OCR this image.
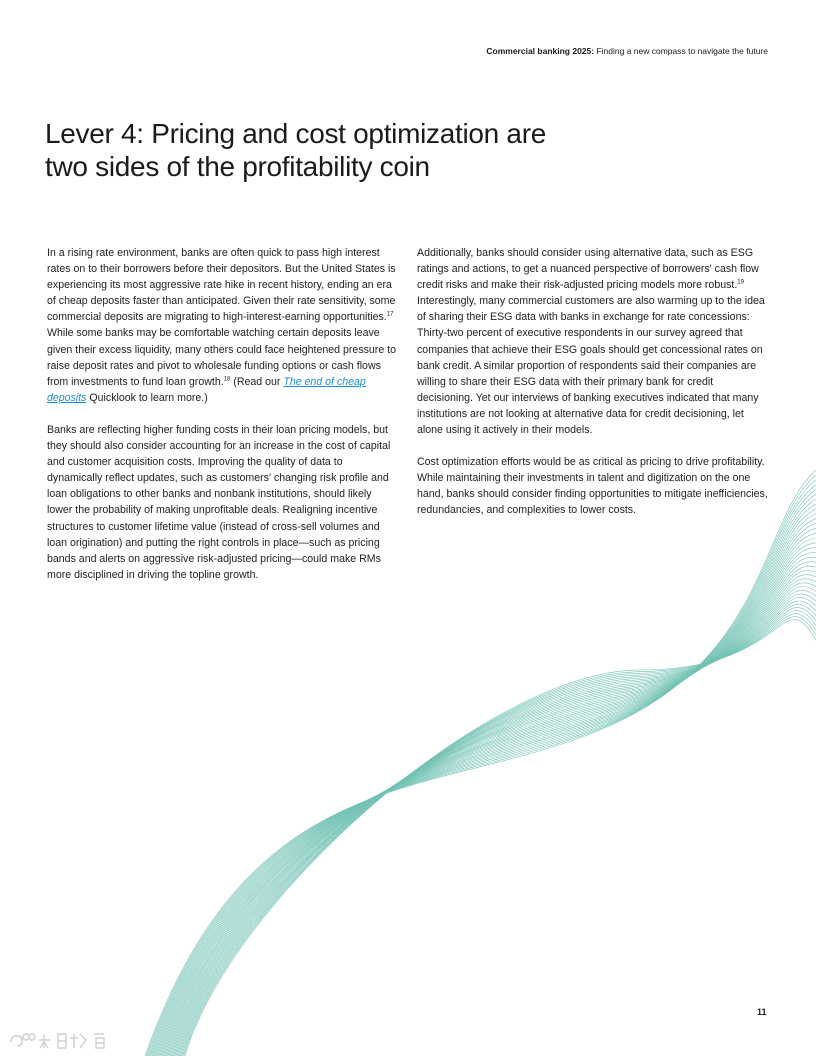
Commercial banking 2025: Finding a new compass to navigate the future
Lever 4: Pricing and cost optimization are
two sides of the profitability coin

In a rising rate environment, banks are often quick to pass high interest rates on to their borrowers before their depositors. But the United States is experiencing its most aggressive rate hike in recent history, ending an era of cheap deposits faster than anticipated. Given their rate sensitivity, some commercial deposits are migrating to high-interest-earning opportunities.$^{17}$ While some banks may be comfortable watching certain deposits leave given their excess liquidity, many others could face heightened pressure to raise deposit rates and pivot to wholesale funding options or cash flows from investments to fund loan growth.$^{18}$ (Read our The end of cheap deposits Quicklook to learn more.)

Banks are reflecting higher funding costs in their loan pricing models, but they should also consider accounting for an increase in the cost of capital and customer acquisition costs. Improving the quality of data to dynamically reflect updates, such as customers' changing risk profile and loan obligations to other banks and nonbank institutions, should likely lower the probability of making unprofitable deals. Realigning incentive structures to customer lifetime value (instead of cross-sell volumes and loan origination) and putting the right controls in place—such as pricing bands and alerts on aggressive risk-adjusted pricing—could make RMs more disciplined in driving the topline growth.

Additionally, banks should consider using alternative data, such as ESG ratings and actions, to get a nuanced perspective of borrowers' cash flow credit risks and make their risk-adjusted pricing models more robust.$^{19}$ Interestingly, many commercial customers are also warming up to the idea of sharing their ESG data with banks in exchange for rate concessions: Thirty-two percent of executive respondents in our survey agreed that companies that achieve their ESG goals should get concessional rates on bank credit. A similar proportion of respondents said their companies are willing to share their ESG data with their primary bank for credit decisioning. Yet our interviews of banking executives indicated that many institutions are not looking at alternative data for credit decisioning, let alone using it actively in their models.

Cost optimization efforts would be as critical as pricing to drive profitability. While maintaining their investments in talent and digitization on the one hand, banks should consider finding opportunities to mitigate inefficiencies, redundancies, and complexities to lower costs.

11
